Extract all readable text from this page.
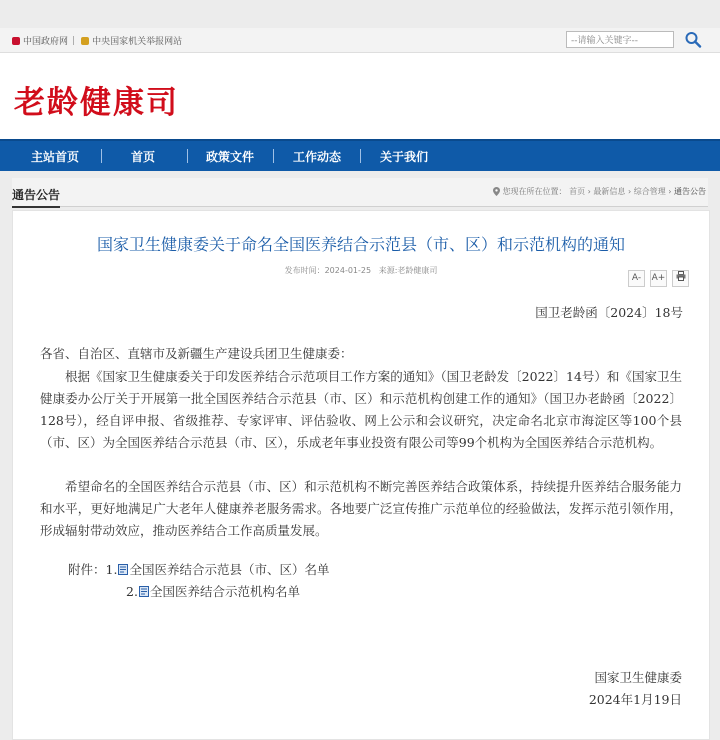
中国政府网 | 中央国家机关举报网站
--请输入关键字--
老龄健康司
主站首页	首页	政策文件	工作动态	关于我们
通告公告	您现在所在位置： 首页 › 最新信息 › 综合管理 › 通告公告
国家卫生健康委关于命名全国医养结合示范县（市、区）和示范机构的通知
发布时间：2024-01-25 来源:老龄健康司
A- A+
国卫老龄函〔2024〕18号
各省、自治区、直辖市及新疆生产建设兵团卫生健康委：
根据《国家卫生健康委关于印发医养结合示范项目工作方案的通知》（国卫老龄发〔2022〕14号）和《国家卫生健康委办公厅关于开展第一批全国医养结合示范县（市、区）和示范机构创建工作的通知》（国卫办老龄函〔2022〕128号），经自评申报、省级推荐、专家评审、评估验收、网上公示和会议研究，决定命名北京市海淀区等100个县（市、区）为全国医养结合示范县（市、区），乐成老年事业投资有限公司等99个机构为全国医养结合示范机构。
希望命名的全国医养结合示范县（市、区）和示范机构不断完善医养结合政策体系，持续提升医养结合服务能力和水平，更好地满足广大老年人健康养老服务需求。各地要广泛宣传推广示范单位的经验做法，发挥示范引领作用，形成辐射带动效应，推动医养结合工作高质量发展。
附件：1. 全国医养结合示范县（市、区）名单
2. 全国医养结合示范机构名单
国家卫生健康委
2024年1月19日
